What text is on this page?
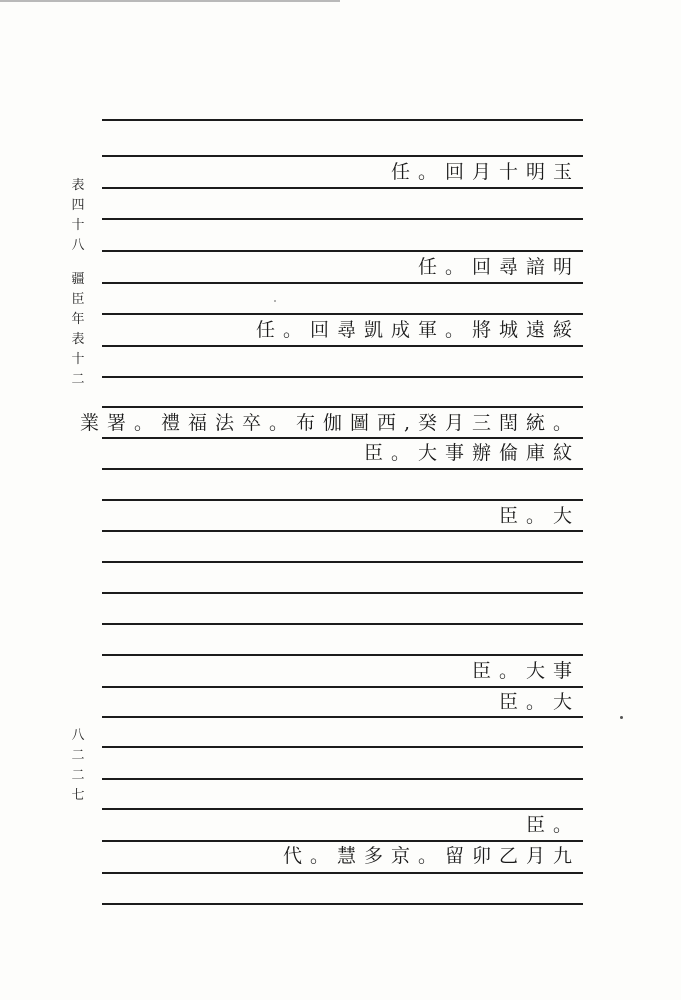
表
四
十
八
疆
臣
年
表
十
二
八
二
二
七
任。回月十明玉
任。回尋諳明
任。回尋凱成軍。將城遠綏
業署。禮福法卒。布伽圖西,癸月三閏統。
臣。大事辦倫庫紋
臣。大
臣。大事
臣。大
臣。
代。慧多京。留卯乙月九
